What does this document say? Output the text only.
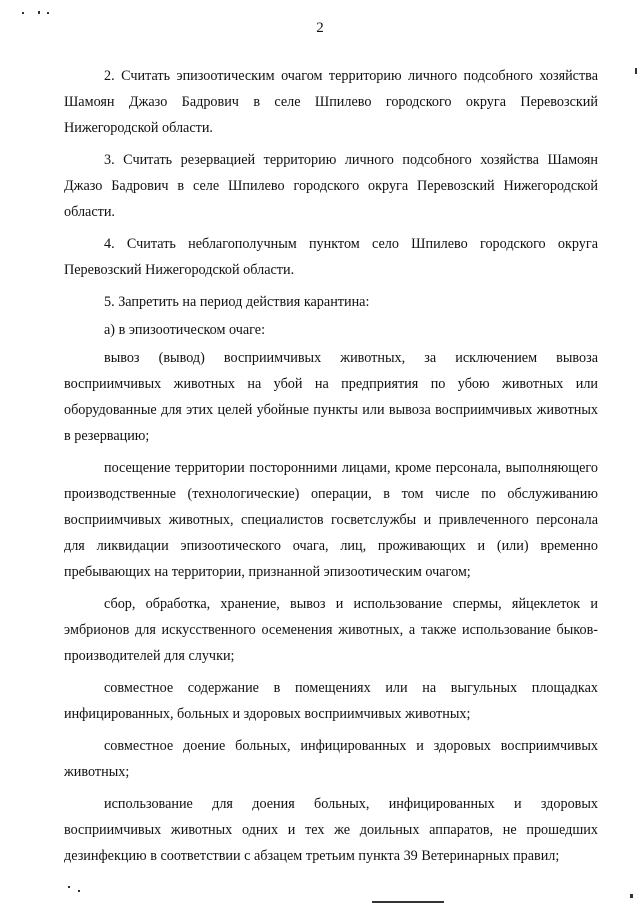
2

2. Считать эпизоотическим очагом территорию личного подсобного хозяйства Шамоян Джазо Бадрович в селе Шпилево городского округа Перевозский Нижегородской области.

3. Считать резервацией территорию личного подсобного хозяйства Шамоян Джазо Бадрович в селе Шпилево городского округа Перевозский Нижегородской области.

4. Считать неблагополучным пунктом село Шпилево городского округа Перевозский Нижегородской области.

5. Запретить на период действия карантина:

а) в эпизоотическом очаге:

вывоз (вывод) восприимчивых животных, за исключением вывоза восприимчивых животных на убой на предприятия по убою животных или оборудованные для этих целей убойные пункты или вывоза восприимчивых животных в резервацию;

посещение территории посторонними лицами, кроме персонала, выполняющего производственные (технологические) операции, в том числе по обслуживанию восприимчивых животных, специалистов госветслужбы и привлеченного персонала для ликвидации эпизоотического очага, лиц, проживающих и (или) временно пребывающих на территории, признанной эпизоотическим очагом;

сбор, обработка, хранение, вывоз и использование спермы, яйцеклеток и эмбрионов для искусственного осеменения животных, а также использование быков-производителей для случки;

совместное содержание в помещениях или на выгульных площадках инфицированных, больных и здоровых восприимчивых животных;

совместное доение больных, инфицированных и здоровых восприимчивых животных;

использование для доения больных, инфицированных и здоровых восприимчивых животных одних и тех же доильных аппаратов, не прошедших дезинфекцию в соответствии с абзацем третьим пункта 39 Ветеринарных правил;
